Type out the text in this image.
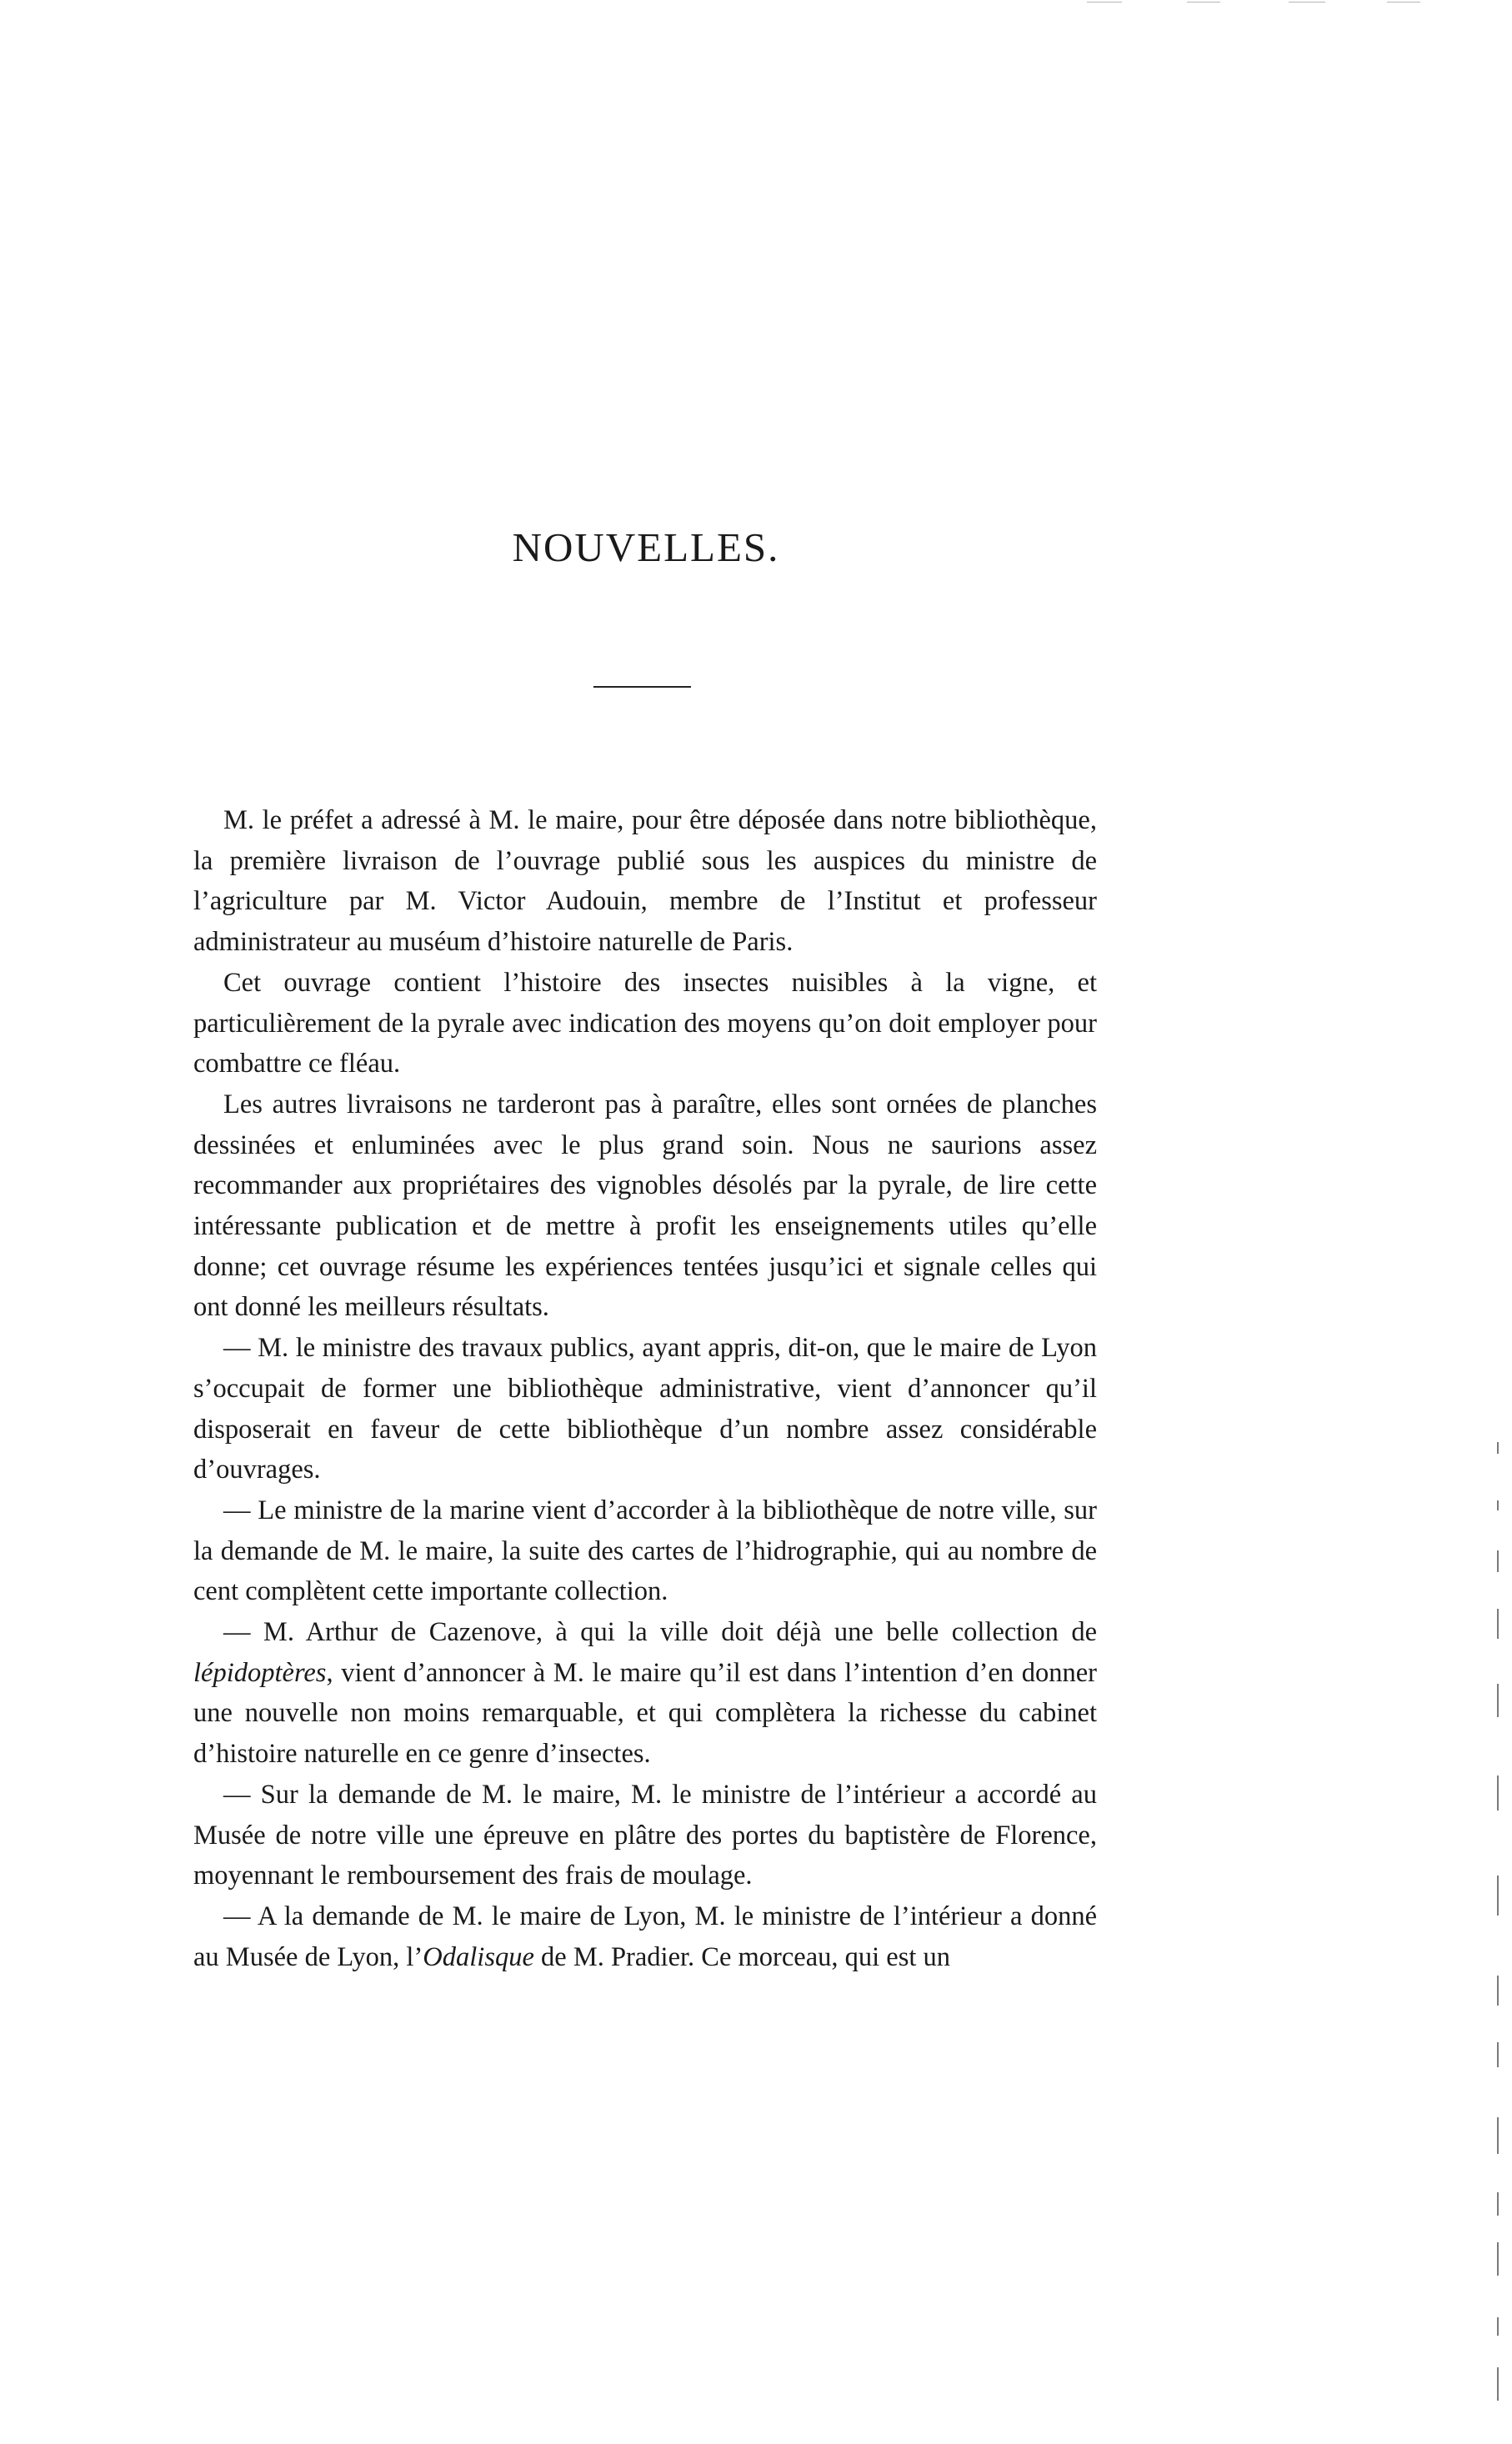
NOUVELLES.

M. le préfet a adressé à M. le maire, pour être déposée dans notre bibliothèque, la première livraison de l’ouvrage publié sous les auspices du ministre de l’agriculture par M. Victor Audouin, membre de l’Institut et professeur administrateur au muséum d’histoire naturelle de Paris.

Cet ouvrage contient l’histoire des insectes nuisibles à la vigne, et particulièrement de la pyrale avec indication des moyens qu’on doit employer pour combattre ce fléau.

Les autres livraisons ne tarderont pas à paraître, elles sont ornées de planches dessinées et enluminées avec le plus grand soin. Nous ne saurions assez recommander aux propriétaires des vignobles désolés par la pyrale, de lire cette intéressante publication et de mettre à profit les enseignements utiles qu’elle donne; cet ouvrage résume les expériences tentées jusqu’ici et signale celles qui ont donné les meilleurs résultats.

— M. le ministre des travaux publics, ayant appris, dit-on, que le maire de Lyon s’occupait de former une bibliothèque administrative, vient d’annoncer qu’il disposerait en faveur de cette bibliothèque d’un nombre assez considérable d’ouvrages.

— Le ministre de la marine vient d’accorder à la bibliothèque de notre ville, sur la demande de M. le maire, la suite des cartes de l’hidrographie, qui au nombre de cent complètent cette importante collection.

— M. Arthur de Cazenove, à qui la ville doit déjà une belle collection de lépidoptères, vient d’annoncer à M. le maire qu’il est dans l’intention d’en donner une nouvelle non moins remarquable, et qui complètera la richesse du cabinet d’histoire naturelle en ce genre d’insectes.

— Sur la demande de M. le maire, M. le ministre de l’intérieur a accordé au Musée de notre ville une épreuve en plâtre des portes du baptistère de Florence, moyennant le remboursement des frais de moulage.

— A la demande de M. le maire de Lyon, M. le ministre de l’intérieur a donné au Musée de Lyon, l’Odalisque de M. Pradier. Ce morceau, qui est un
